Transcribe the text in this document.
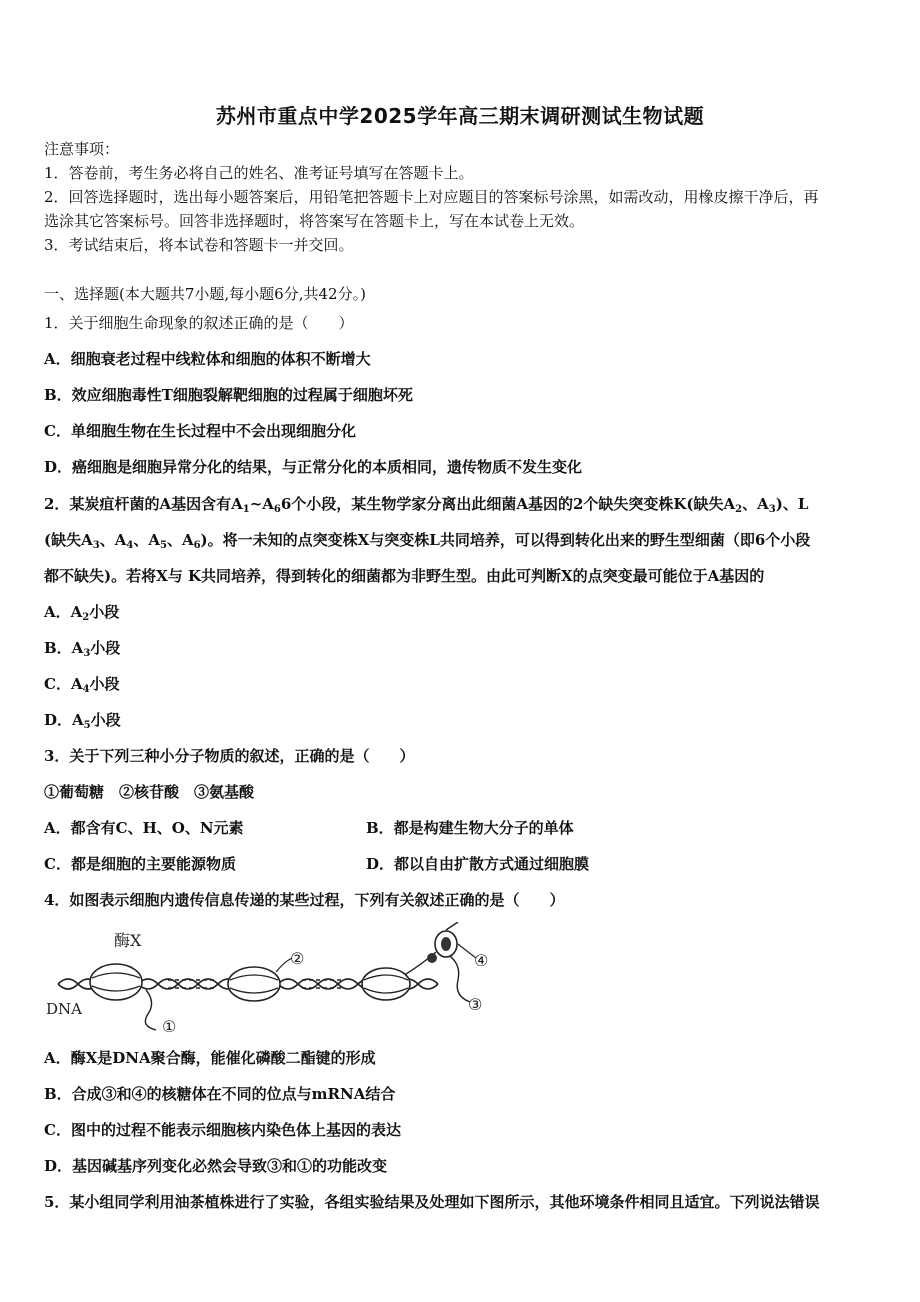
苏州市重点中学2025学年高三期末调研测试生物试题
注意事项：
1．答卷前，考生务必将自己的姓名、准考证号填写在答题卡上。
2．回答选择题时，选出每小题答案后，用铅笔把答题卡上对应题目的答案标号涂黑，如需改动，用橡皮擦干净后，再
选涂其它答案标号。回答非选择题时，将答案写在答题卡上，写在本试卷上无效。
3．考试结束后，将本试卷和答题卡一并交回。
一、选择题(本大题共7小题,每小题6分,共42分。)
1．关于细胞生命现象的叙述正确的是（　　）
A．细胞衰老过程中线粒体和细胞的体积不断增大
B．效应细胞毒性T细胞裂解靶细胞的过程属于细胞坏死
C．单细胞生物在生长过程中不会出现细胞分化
D．癌细胞是细胞异常分化的结果，与正常分化的本质相同，遗传物质不发生变化
2．某炭疽杆菌的A基因含有$A_1\sim A_66$个小段，某生物学家分离出此细菌A基因的2个缺失突变株K(缺失$A_2$、$A_3$)、L
(缺失$A_3$、$A_4$、$A_5$、$A_6$)。将一未知的点突变株X与突变株L共同培养，可以得到转化出来的野生型细菌（即6个小段
都不缺失)。若将X与 K共同培养，得到转化的细菌都为非野生型。由此可判断X的点突变最可能位于A基因的
A．$A_2$小段
B．$A_3$小段
C．$A_4$小段
D．$A_5$小段
3．关于下列三种小分子物质的叙述，正确的是（　　）
①葡萄糖　②核苷酸　③氨基酸
A．都含有C、H、O、N元素	B．都是构建生物大分子的单体
C．都是细胞的主要能源物质	D．都以自由扩散方式通过细胞膜
4．如图表示细胞内遗传信息传递的某些过程，下列有关叙述正确的是（　　）
酶X
DNA
①
②
③
④
A．酶X是DNA聚合酶，能催化磷酸二酯键的形成
B．合成③和④的核糖体在不同的位点与mRNA结合
C．图中的过程不能表示细胞核内染色体上基因的表达
D．基因碱基序列变化必然会导致③和①的功能改变
5．某小组同学利用油茶植株进行了实验，各组实验结果及处理如下图所示，其他环境条件相同且适宜。下列说法错误
